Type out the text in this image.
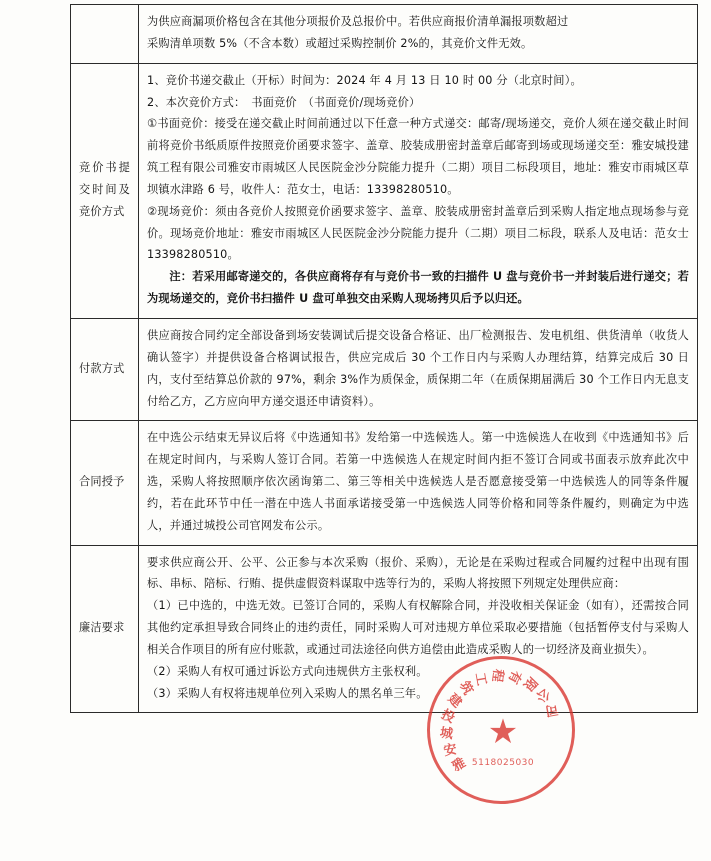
	为供应商漏项价格包含在其他分项报价及总报价中。若供应商报价清单漏报项数超过
采购清单项数 5%（不含本数）或超过采购控制价 2%的，其竞价文件无效。

竞价书提交时间及竞价方式	1、竞价书递交截止（开标）时间为：2024 年 4 月 13 日 10 时 00 分（北京时间）。
2、本次竞价方式：　书面竞价　（书面竞价/现场竞价）
①书面竞价：接受在递交截止时间前通过以下任意一种方式递交：邮寄/现场递交，竞价人须在递交截止时间前将竞价书纸质原件按照竞价函要求签字、盖章、胶装成册密封盖章后邮寄到场或现场递交至：雅安城投建筑工程有限公司雅安市雨城区人民医院金沙分院能力提升（二期）项目二标段项目，地址：雅安市雨城区草坝镇水津路 6 号，收件人：范女士，电话：13398280510。
②现场竞价：须由各竞价人按照竞价函要求签字、盖章、胶装成册密封盖章后到采购人指定地点现场参与竞价。现场竞价地址：雅安市雨城区人民医院金沙分院能力提升（二期）项目二标段，联系人及电话：范女士 13398280510。
注：若采用邮寄递交的，各供应商将存有与竞价书一致的扫描件 U 盘与竞价书一并封装后进行递交；若为现场递交的，竞价书扫描件 U 盘可单独交由采购人现场拷贝后予以归还。

付款方式	供应商按合同约定全部设备到场安装调试后提交设备合格证、出厂检测报告、发电机组、供货清单（收货人确认签字）并提供设备合格调试报告，供应完成后 30 个工作日内与采购人办理结算，结算完成后 30 日内，支付至结算总价款的 97%，剩余 3%作为质保金，质保期二年（在质保期届满后 30 个工作日内无息支付给乙方，乙方应向甲方递交退还申请资料）。

合同授予	在中选公示结束无异议后将《中选通知书》发给第一中选候选人。第一中选候选人在收到《中选通知书》后在规定时间内，与采购人签订合同。若第一中选候选人在规定时间内拒不签订合同或书面表示放弃此次中选，采购人将按照顺序依次函询第二、第三等相关中选候选人是否愿意接受第一中选候选人的同等条件履约，若在此环节中任一潜在中选人书面承诺接受第一中选候选人同等价格和同等条件履约，则确定为中选人，并通过城投公司官网发布公示。

廉洁要求	要求供应商公开、公平、公正参与本次采购（报价、采购），无论是在采购过程或合同履约过程中出现有围标、串标、陪标、行贿、提供虚假资料谋取中选等行为的，采购人将按照下列规定处理供应商：
（1）已中选的，中选无效。已签订合同的，采购人有权解除合同，并没收相关保证金（如有），还需按合同其他约定承担导致合同终止的违约责任，同时采购人可对违规方单位采取必要措施（包括暂停支付与采购人相关合作项目的所有应付账款，或通过司法途径向供方追偿由此造成采购人的一切经济及商业损失）。
（2）采购人有权可通过诉讼方式向违规供方主张权利。
（3）采购人有权将违规单位列入采购人的黑名单三年。
★
雅
安
城
投
建
筑
工 程 有
限
公
司
5118025030
